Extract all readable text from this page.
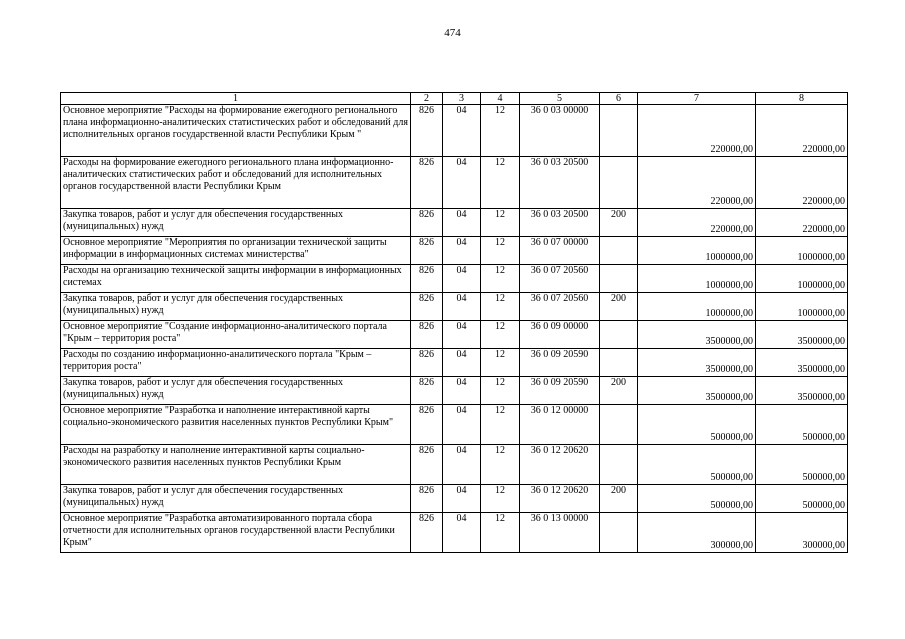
474
1	2	3	4	5	6	7	8
Основное мероприятие "Расходы на формирование ежегодного регионального плана информационно-аналитических статистических работ и обследований для исполнительных органов государственной власти Республики Крым "	826	04	12	36 0 03 00000		220000,00	220000,00
Расходы на формирование ежегодного регионального плана информационно-аналитических статистических работ и обследований для исполнительных органов государственной власти Республики Крым	826	04	12	36 0 03 20500		220000,00	220000,00
Закупка товаров, работ и услуг для обеспечения государственных (муниципальных) нужд	826	04	12	36 0 03 20500	200	220000,00	220000,00
Основное мероприятие "Мероприятия по организации технической защиты информации в информационных системах министерства"	826	04	12	36 0 07 00000		1000000,00	1000000,00
Расходы на организацию технической защиты информации в информационных системах	826	04	12	36 0 07 20560		1000000,00	1000000,00
Закупка товаров, работ и услуг для обеспечения государственных (муниципальных) нужд	826	04	12	36 0 07 20560	200	1000000,00	1000000,00
Основное мероприятие "Создание информационно-аналитического портала "Крым – территория роста"	826	04	12	36 0 09 00000		3500000,00	3500000,00
Расходы по созданию информационно-аналитического портала "Крым – территория роста"	826	04	12	36 0 09 20590		3500000,00	3500000,00
Закупка товаров, работ и услуг для обеспечения государственных (муниципальных) нужд	826	04	12	36 0 09 20590	200	3500000,00	3500000,00
Основное мероприятие "Разработка и наполнение интерактивной карты социально-экономического развития населенных пунктов Республики Крым"	826	04	12	36 0 12 00000		500000,00	500000,00
Расходы на разработку и наполнение интерактивной карты социально-экономического развития населенных пунктов Республики Крым	826	04	12	36 0 12 20620		500000,00	500000,00
Закупка товаров, работ и услуг для обеспечения государственных (муниципальных) нужд	826	04	12	36 0 12 20620	200	500000,00	500000,00
Основное мероприятие "Разработка автоматизированного портала сбора отчетности для исполнительных органов государственной власти Республики Крым"	826	04	12	36 0 13 00000		300000,00	300000,00
